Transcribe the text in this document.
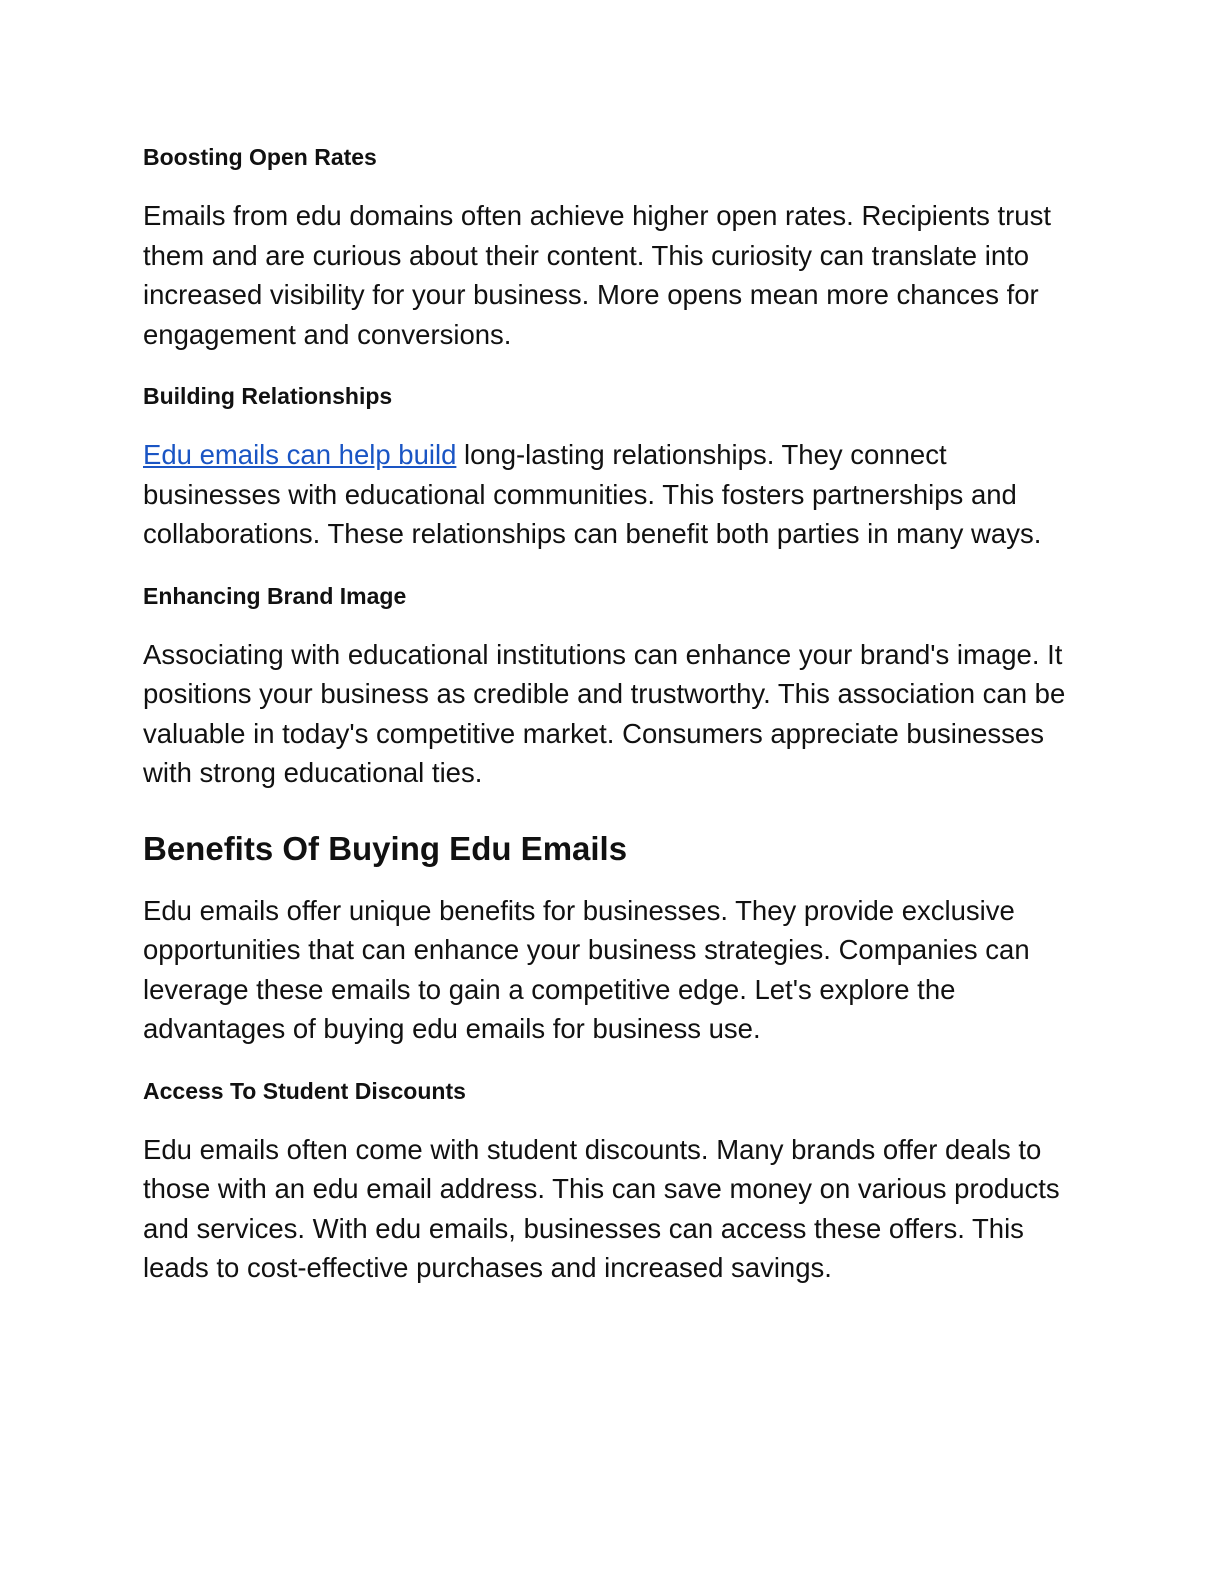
Boosting Open Rates

Emails from edu domains often achieve higher open rates. Recipients trust them and are curious about their content. This curiosity can translate into increased visibility for your business. More opens mean more chances for engagement and conversions.

Building Relationships

Edu emails can help build long-lasting relationships. They connect businesses with educational communities. This fosters partnerships and collaborations. These relationships can benefit both parties in many ways.

Enhancing Brand Image

Associating with educational institutions can enhance your brand's image. It positions your business as credible and trustworthy. This association can be valuable in today's competitive market. Consumers appreciate businesses with strong educational ties.

Benefits Of Buying Edu Emails

Edu emails offer unique benefits for businesses. They provide exclusive opportunities that can enhance your business strategies. Companies can leverage these emails to gain a competitive edge. Let's explore the advantages of buying edu emails for business use.

Access To Student Discounts

Edu emails often come with student discounts. Many brands offer deals to those with an edu email address. This can save money on various products and services. With edu emails, businesses can access these offers. This leads to cost-effective purchases and increased savings.
